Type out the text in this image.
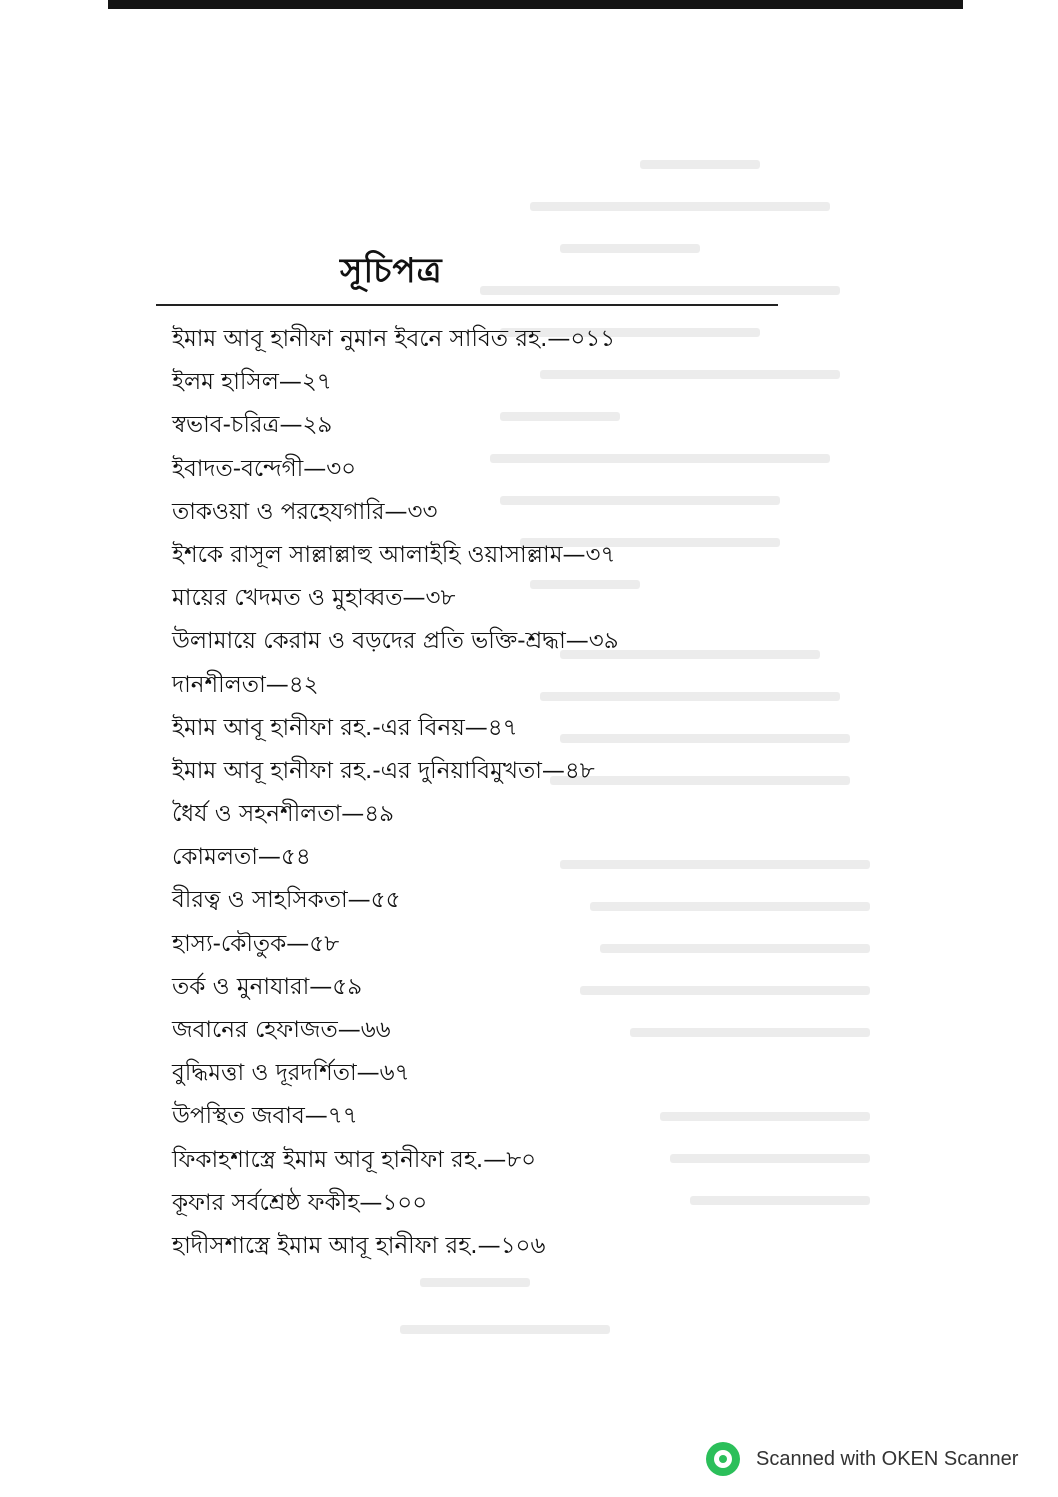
সূচিপত্র
ইমাম আবূ হানীফা নুমান ইবনে সাবিত রহ.—০১১
ইলম হাসিল—২৭
স্বভাব-চরিত্র—২৯
ইবাদত-বন্দেগী—৩০
তাকওয়া ও পরহেযগারি—৩৩
ইশকে রাসূল সাল্লাল্লাহু আলাইহি ওয়াসাল্লাম—৩৭
মায়ের খেদমত ও মুহাব্বত—৩৮
উলামায়ে কেরাম ও বড়দের প্রতি ভক্তি-শ্রদ্ধা—৩৯
দানশীলতা—৪২
ইমাম আবূ হানীফা রহ.-এর বিনয়—৪৭
ইমাম আবূ হানীফা রহ.-এর দুনিয়াবিমুখতা—৪৮
ধৈর্য ও সহনশীলতা—৪৯
কোমলতা—৫৪
বীরত্ব ও সাহসিকতা—৫৫
হাস্য-কৌতুক—৫৮
তর্ক ও মুনাযারা—৫৯
জবানের হেফাজত—৬৬
বুদ্ধিমত্তা ও দূরদর্শিতা—৬৭
উপস্থিত জবাব—৭৭
ফিকাহশাস্ত্রে ইমাম আবূ হানীফা রহ.—৮০
কূফার সর্বশ্রেষ্ঠ ফকীহ—১০০
হাদীসশাস্ত্রে ইমাম আবূ হানীফা রহ.—১০৬
Scanned with OKEN Scanner
